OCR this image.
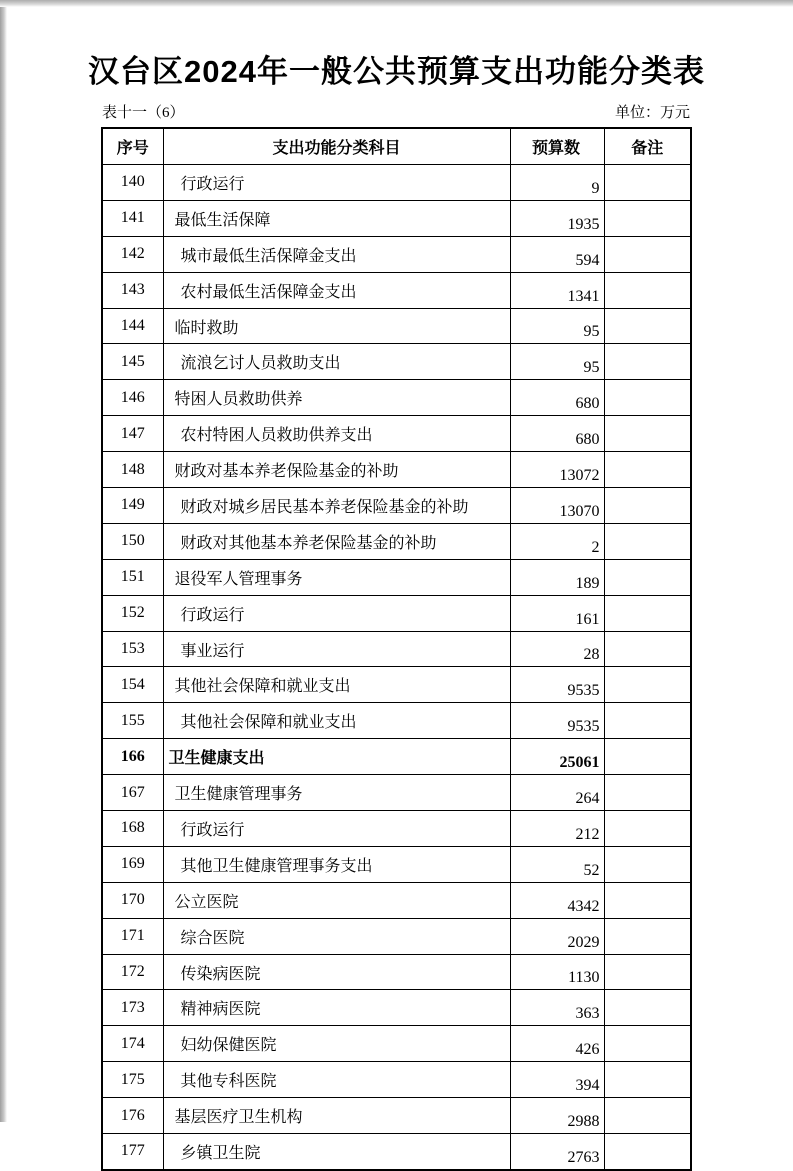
汉台区2024年一般公共预算支出功能分类表
表十一（6）	单位：万元
序号	支出功能分类科目	预算数	备注
140	行政运行	9	
141	最低生活保障	1935	
142	城市最低生活保障金支出	594	
143	农村最低生活保障金支出	1341	
144	临时救助	95	
145	流浪乞讨人员救助支出	95	
146	特困人员救助供养	680	
147	农村特困人员救助供养支出	680	
148	财政对基本养老保险基金的补助	13072	
149	财政对城乡居民基本养老保险基金的补助	13070	
150	财政对其他基本养老保险基金的补助	2	
151	退役军人管理事务	189	
152	行政运行	161	
153	事业运行	28	
154	其他社会保障和就业支出	9535	
155	其他社会保障和就业支出	9535	
166	卫生健康支出	25061	
167	卫生健康管理事务	264	
168	行政运行	212	
169	其他卫生健康管理事务支出	52	
170	公立医院	4342	
171	综合医院	2029	
172	传染病医院	1130	
173	精神病医院	363	
174	妇幼保健医院	426	
175	其他专科医院	394	
176	基层医疗卫生机构	2988	
177	乡镇卫生院	2763	
